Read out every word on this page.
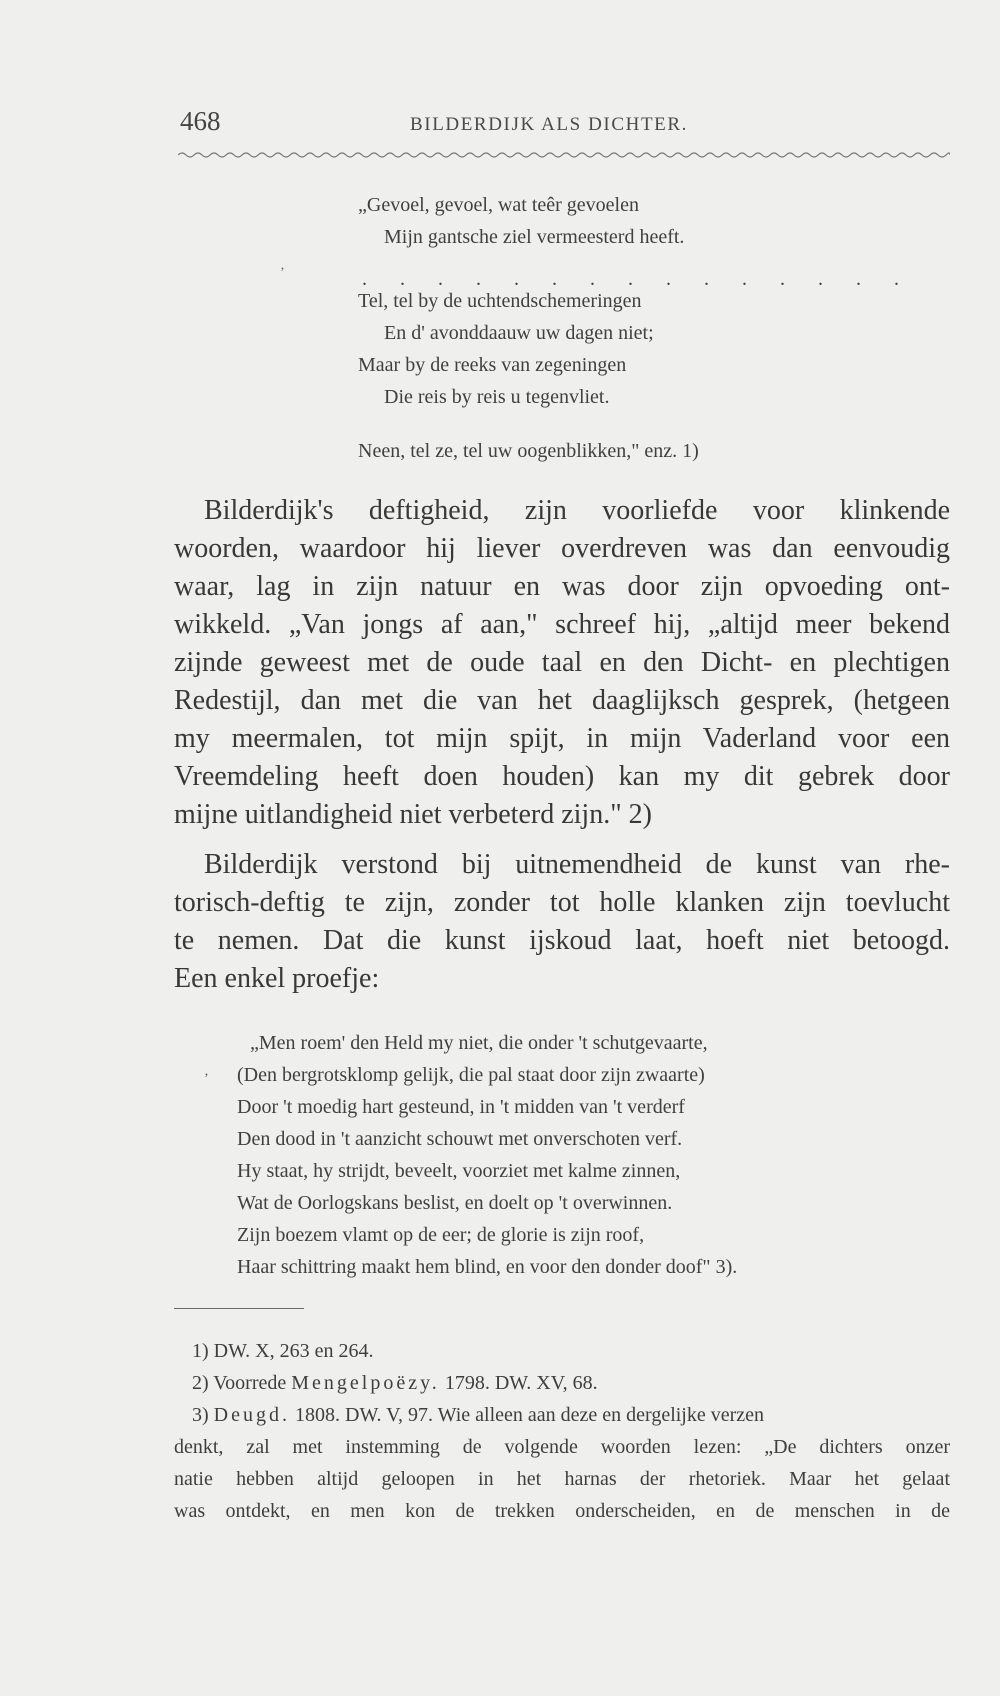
468	BILDERDIJK ALS DICHTER.
„Gevoel, gevoel, wat teêr gevoelen
Mijn gantsche ziel vermeesterd heeft.
‚
. . . . . . . . . . . . . . .
Tel, tel by de uchtendschemeringen
En d' avonddaauw uw dagen niet;
Maar by de reeks van zegeningen
Die reis by reis u tegenvliet.
Neen, tel ze, tel uw oogenblikken," enz. 1)
Bilderdijk's deftigheid, zijn voorliefde voor klinkende
woorden, waardoor hij liever overdreven was dan eenvoudig
waar, lag in zijn natuur en was door zijn opvoeding ont-
wikkeld. „Van jongs af aan," schreef hij, „altijd meer bekend
zijnde geweest met de oude taal en den Dicht- en plechtigen
Redestijl, dan met die van het daaglijksch gesprek, (hetgeen
my meermalen, tot mijn spijt, in mijn Vaderland voor een
Vreemdeling heeft doen houden) kan my dit gebrek door
mijne uitlandigheid niet verbeterd zijn." 2)
Bilderdijk verstond bij uitnemendheid de kunst van rhe-
torisch-deftig te zijn, zonder tot holle klanken zijn toevlucht
te nemen. Dat die kunst ijskoud laat, hoeft niet betoogd.
Een enkel proefje:
‚
„Men roem' den Held my niet, die onder 't schutgevaarte,
(Den bergrotsklomp gelijk, die pal staat door zijn zwaarte)
Door 't moedig hart gesteund, in 't midden van 't verderf
Den dood in 't aanzicht schouwt met onverschoten verf.
Hy staat, hy strijdt, beveelt, voorziet met kalme zinnen,
Wat de Oorlogskans beslist, en doelt op 't overwinnen.
Zijn boezem vlamt op de eer; de glorie is zijn roof,
Haar schittring maakt hem blind, en voor den donder doof" 3).
1) DW. X, 263 en 264.
2) Voorrede Mengelpoëzy. 1798. DW. XV, 68.
3) Deugd. 1808. DW. V, 97. Wie alleen aan deze en dergelijke verzen
denkt, zal met instemming de volgende woorden lezen: „De dichters onzer
natie hebben altijd geloopen in het harnas der rhetoriek. Maar het gelaat
was ontdekt, en men kon de trekken onderscheiden, en de menschen in de
